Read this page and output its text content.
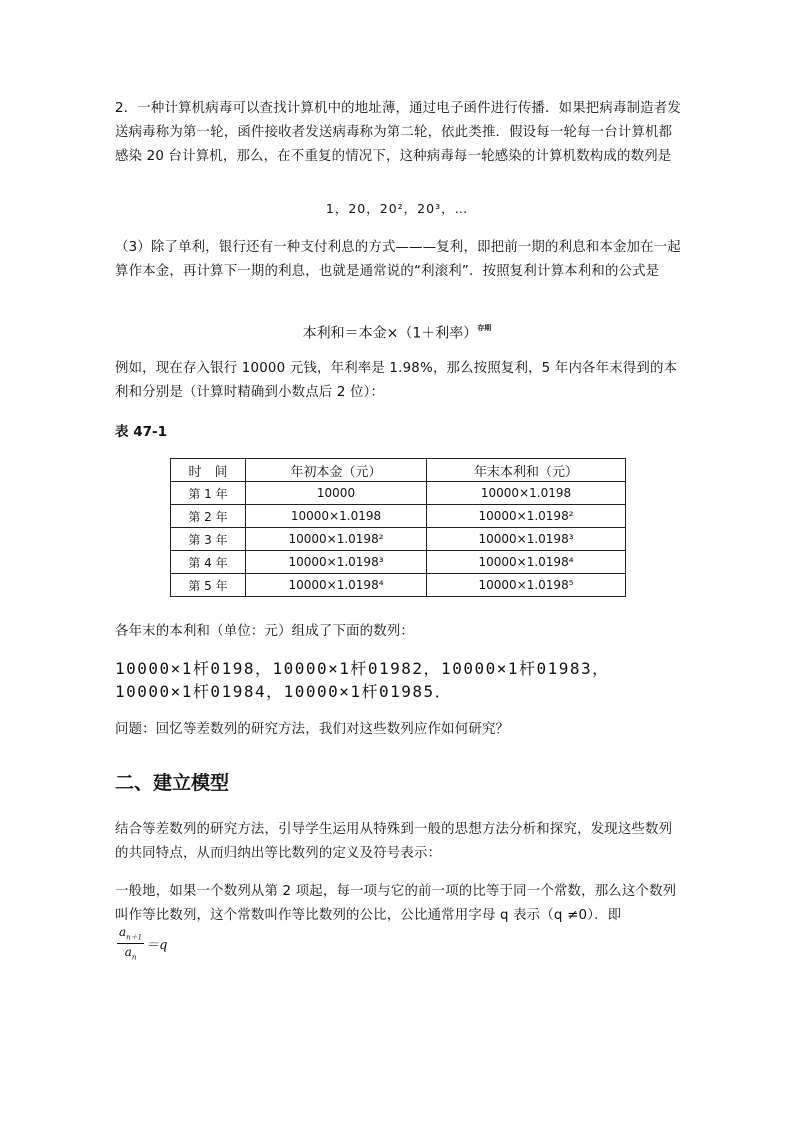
2．一种计算机病毒可以查找计算机中的地址薄，通过电子函件进行传播．如果把病毒制造者发送病毒称为第一轮，函件接收者发送病毒称为第二轮，依此类推．假设每一轮每一台计算机都感染 20 台计算机，那么，在不重复的情况下，这种病毒每一轮感染的计算机数构成的数列是

1，20，20²，20³，…

（3）除了单利，银行还有一种支付利息的方式———复利，即把前一期的利息和本金加在一起算作本金，再计算下一期的利息，也就是通常说的“利滚利”．按照复利计算本利和的公式是

本利和＝本金×（1＋利率）$^{存期}$

例如，现在存入银行 10000 元钱，年利率是 1.98%，那么按照复利，5 年内各年末得到的本利和分别是（计算时精确到小数点后 2 位）：

表 47-1
时　间	年初本金（元）	年末本利和（元）
第 1 年	10000	10000×1.0198
第 2 年	10000×1.0198	10000×1.0198²
第 3 年	10000×1.0198²	10000×1.0198³
第 4 年	10000×1.0198³	10000×1.0198⁴
第 5 年	10000×1.0198⁴	10000×1.0198⁵

各年末的本利和（单位：元）组成了下面的数列：

10000×1杆0198，10000×1杆01982，10000×1杆01983，
10000×1杆01984，10000×1杆01985．

问题：回忆等差数列的研究方法，我们对这些数列应作如何研究？

二、建立模型

结合等差数列的研究方法，引导学生运用从特殊到一般的思想方法分析和探究，发现这些数列的共同特点，从而归纳出等比数列的定义及符号表示：

一般地，如果一个数列从第 2 项起，每一项与它的前一项的比等于同一个常数，那么这个数列叫作等比数列，这个常数叫作等比数列的公比，公比通常用字母 q 表示（q ≠0）．即

$\frac{a_{n+1}}{a_n} =q$
